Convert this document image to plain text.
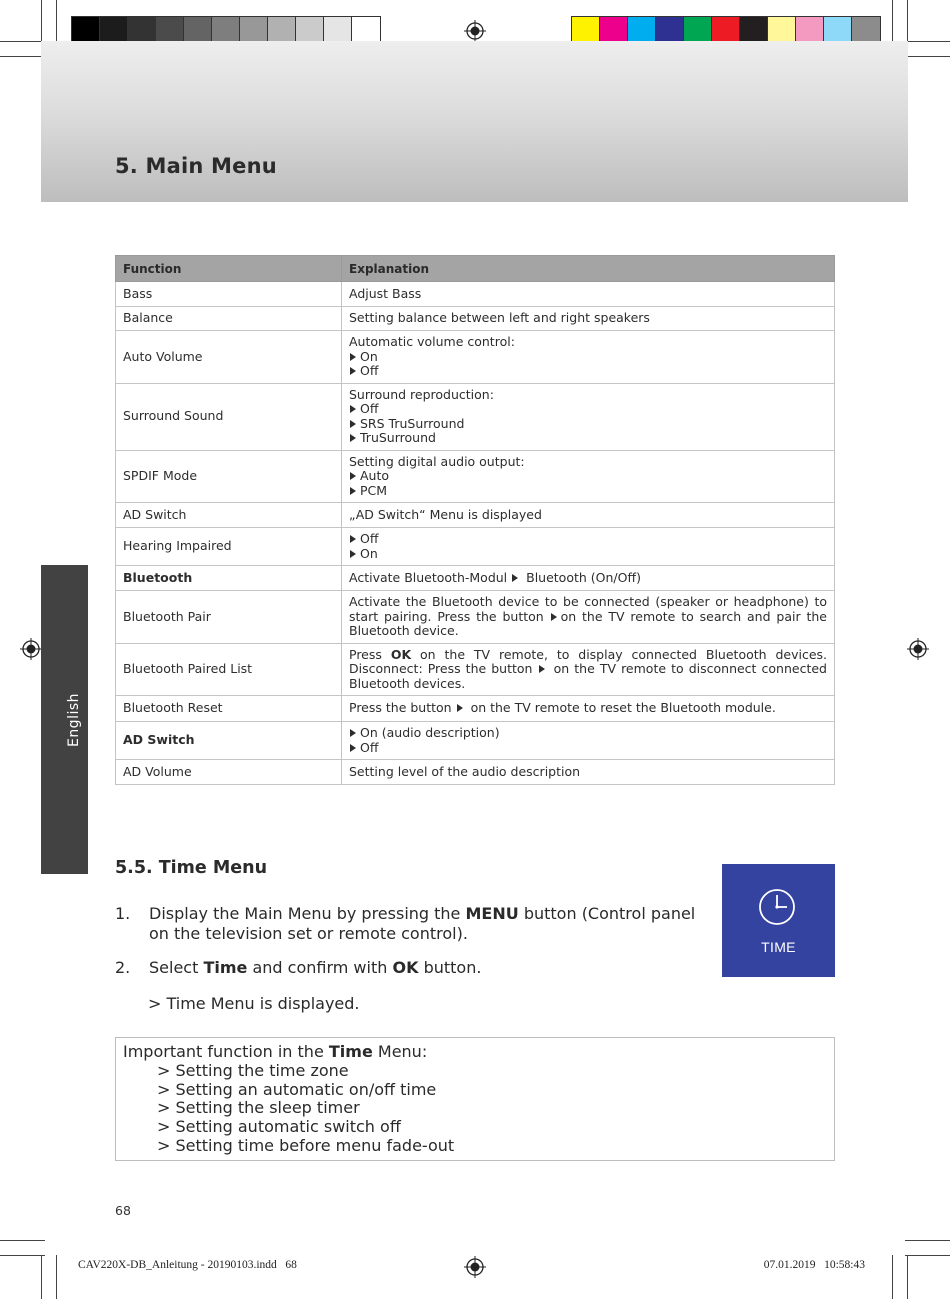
5. Main Menu
English
Function	Explanation
Bass	Adjust Bass
Balance	Setting balance between left and right speakers
Auto Volume	Automatic volume control:
On
Off

Surround Sound	Surround reproduction:
Off
SRS TruSurround
TruSurround

SPDIF Mode	Setting digital audio output:
Auto
PCM

AD Switch	„AD Switch“ Menu is displayed
Hearing Impaired	Off
On

Bluetooth	Activate Bluetooth-Modul Bluetooth (On/Off)
Bluetooth Pair	Activate the Bluetooth device to be connected (speaker or headphone) to start pairing. Press the button on the TV remote to search and pair the Bluetooth device.
Bluetooth Paired List	Press OK on the TV remote, to display connected Bluetooth devices. Disconnect: Press the button on the TV remote to disconnect connected Bluetooth devices.
Bluetooth Reset	Press the button on the TV remote to reset the Bluetooth module.
AD Switch	On (audio description)
Off

AD Volume	Setting level of the audio description
5.5. Time Menu
1. Display the Main Menu by pressing the MENU button (Control panel on the television set or remote control).
2. Select Time and confirm with OK button.
> Time Menu is displayed.
TIME
Important function in the Time Menu:
> Setting the time zone
> Setting an automatic on/off time
> Setting the sleep timer
> Setting automatic switch off
> Setting time before menu fade-out
68
CAV220X-DB_Anleitung - 20190103.indd   68	07.01.2019   10:58:43
